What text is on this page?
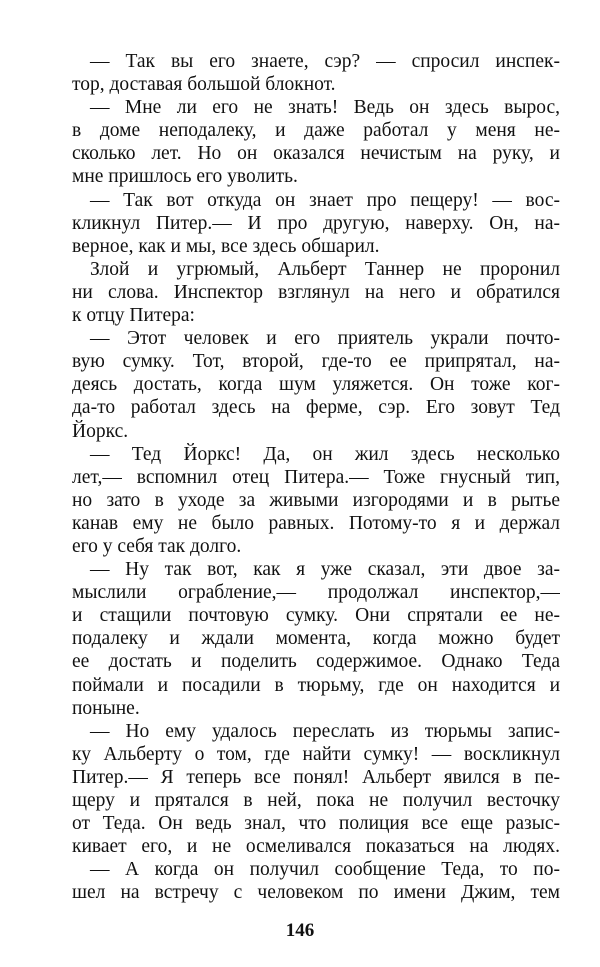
— Так вы его знаете, сэр? — спросил инспек-
тор, доставая большой блокнот.
— Мне ли его не знать! Ведь он здесь вырос,
в доме неподалеку, и даже работал у меня не-
сколько лет. Но он оказался нечистым на руку, и
мне пришлось его уволить.
— Так вот откуда он знает про пещеру! — вос-
кликнул Питер.— И про другую, наверху. Он, на-
верное, как и мы, все здесь обшарил.
Злой и угрюмый, Альберт Таннер не проронил
ни слова. Инспектор взглянул на него и обратился
к отцу Питера:
— Этот человек и его приятель украли почто-
вую сумку. Тот, второй, где-то ее припрятал, на-
деясь достать, когда шум уляжется. Он тоже ког-
да-то работал здесь на ферме, сэр. Его зовут Тед
Йоркс.
— Тед Йоркс! Да, он жил здесь несколько
лет,— вспомнил отец Питера.— Тоже гнусный тип,
но зато в уходе за живыми изгородями и в рытье
канав ему не было равных. Потому-то я и держал
его у себя так долго.
— Ну так вот, как я уже сказал, эти двое за-
мыслили ограбление,— продолжал инспектор,—
и стащили почтовую сумку. Они спрятали ее не-
подалеку и ждали момента, когда можно будет
ее достать и поделить содержимое. Однако Теда
поймали и посадили в тюрьму, где он находится и
поныне.
— Но ему удалось переслать из тюрьмы запис-
ку Альберту о том, где найти сумку! — воскликнул
Питер.— Я теперь все понял! Альберт явился в пе-
щеру и прятался в ней, пока не получил весточку
от Теда. Он ведь знал, что полиция все еще разыс-
кивает его, и не осмеливался показаться на людях.
— А когда он получил сообщение Теда, то по-
шел на встречу с человеком по имени Джим, тем
146
